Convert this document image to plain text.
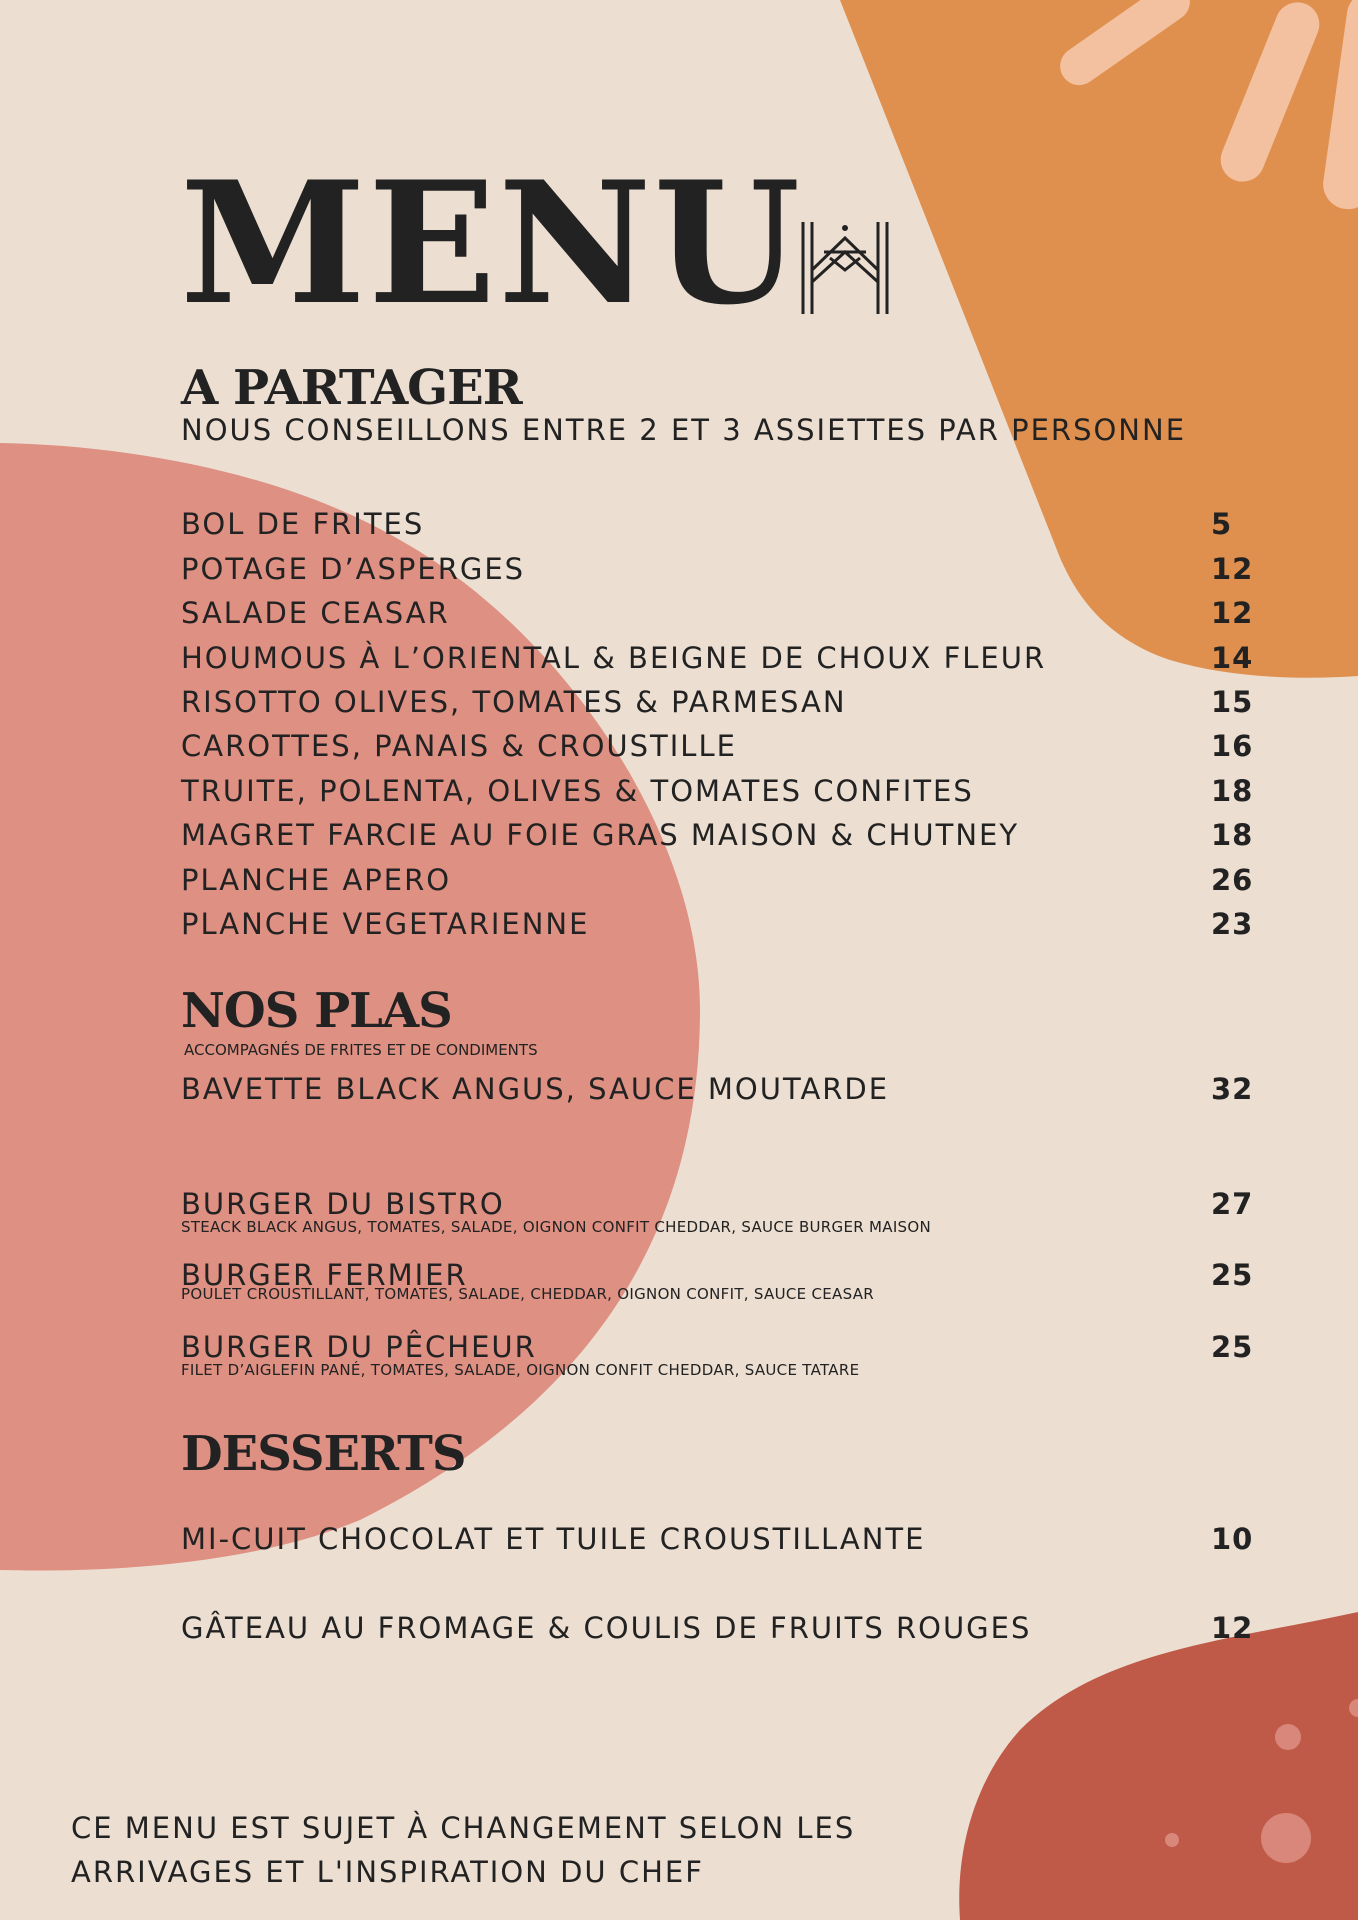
MENU
A PARTAGER

NOUS CONSEILLONS ENTRE 2 ET 3 ASSIETTES PAR PERSONNE

BOL DE FRITES	5
POTAGE D’ASPERGES	12
SALADE CEASAR	12
HOUMOUS À L’ORIENTAL & BEIGNE DE CHOUX FLEUR	14
RISOTTO OLIVES, TOMATES & PARMESAN	15
CAROTTES, PANAIS & CROUSTILLE	16
TRUITE, POLENTA, OLIVES & TOMATES CONFITES	18
MAGRET FARCIE AU FOIE GRAS MAISON & CHUTNEY	18
PLANCHE APERO	26
PLANCHE VEGETARIENNE	23
NOS PLAS

ACCOMPAGNÉS DE FRITES ET DE CONDIMENTS

BAVETTE BLACK ANGUS, SAUCE MOUTARDE	32
BURGER DU BISTRO	27
STEACK BLACK ANGUS, TOMATES, SALADE, OIGNON CONFIT CHEDDAR, SAUCE BURGER MAISON
BURGER FERMIER	25
POULET CROUSTILLANT, TOMATES, SALADE, CHEDDAR, OIGNON CONFIT, SAUCE CEASAR
BURGER DU PÊCHEUR	25
FILET D’AIGLEFIN PANÉ, TOMATES, SALADE, OIGNON CONFIT CHEDDAR, SAUCE TATARE
DESSERTS
MI-CUIT CHOCOLAT ET TUILE CROUSTILLANTE	10
GÂTEAU AU FROMAGE & COULIS DE FRUITS ROUGES	12

CE MENU EST SUJET À CHANGEMENT SELON LES
ARRIVAGES ET L'INSPIRATION DU CHEF
